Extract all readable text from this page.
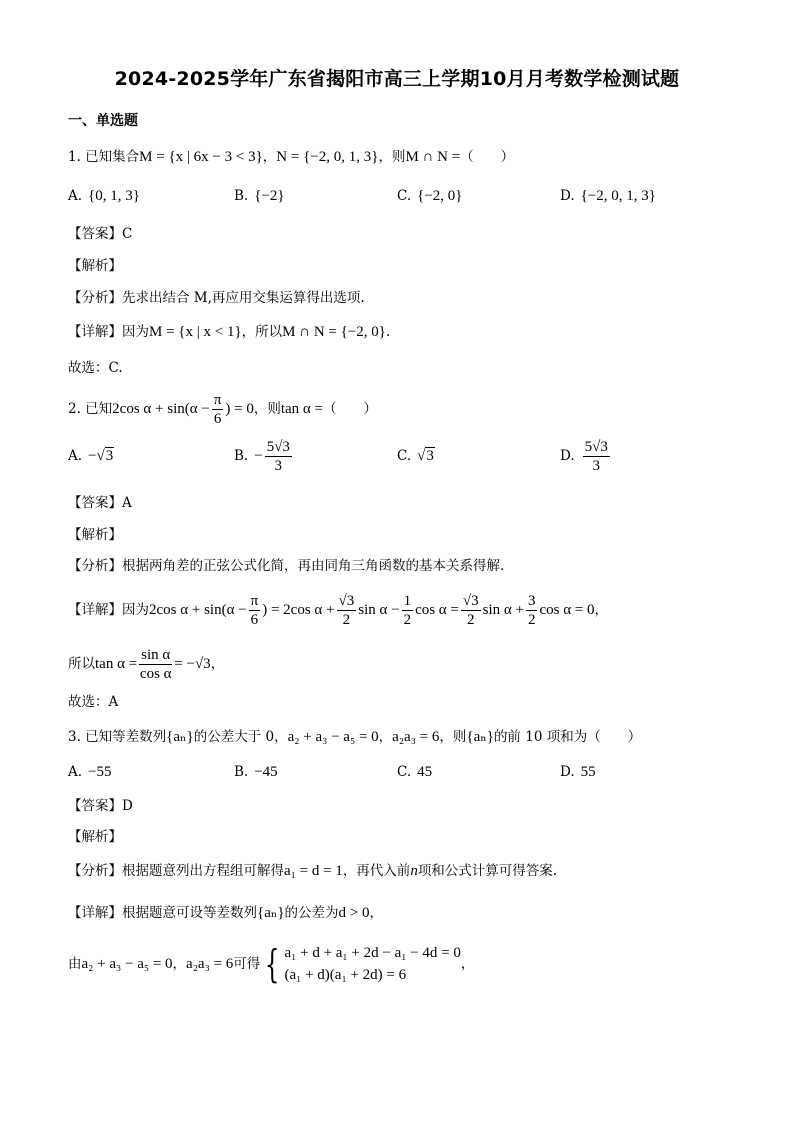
2024-2025学年广东省揭阳市高三上学期10月月考数学检测试题
一、单选题
1. 已知集合M = {x | 6x − 3 < 3}，N = {−2, 0, 1, 3}，则M ∩ N =（　　）
A. {0, 1, 3}	B. {−2}	C. {−2, 0}	D. {−2, 0, 1, 3}
【答案】C
【解析】
【分析】先求出结合 M,再应用交集运算得出选项.
【详解】因为M = {x | x < 1}，所以M ∩ N = {−2, 0}.
故选：C.
2. 已知2cos $\alpha + \sin(\alpha - \frac{\pi}{6}$ ) = 0，则tan α =（　　）
A. −√3	B. − $\frac{5√3}{3}$	C. √3	D. $\frac{5√3}{3}$
【答案】A
【解析】
【分析】根据两角差的正弦公式化简，再由同角三角函数的基本关系得解.
【详解】因为2cos $\alpha + \sin(\alpha - \frac{\pi}{6}$ ) = 2cos $\alpha + \frac{√3}{2}$ $\sin \alpha - \frac{1}{2}$ $\cos \alpha = \frac{√3}{2}$ $\sin \alpha + \frac{3}{2}$ cos α = 0，
所以$\tan \alpha = \frac{\text{sin α}}{\text{cos α}} = -√3$，
故选：A
3. 已知等差数列{aₙ}的公差大于 0，a₂ + a₃ − a₅ = 0，a₂a₃ = 6，则{aₙ}的前 10 项和为（　　）
A. −55	B. −45	C. 45	D. 55
【答案】D
【解析】
【分析】根据题意列出方程组可解得a₁ = d = 1，再代入前n项和公式计算可得答案.
【详解】根据题意可设等差数列{aₙ}的公差为d > 0，
由a₂ + a₃ − a₅ = 0，a₂a₃ = 6可得 { a₁ + d + a₁ + 2d − a₁ − 4d = 0
(a₁ + d)(a₁ + 2d) = 6
，
